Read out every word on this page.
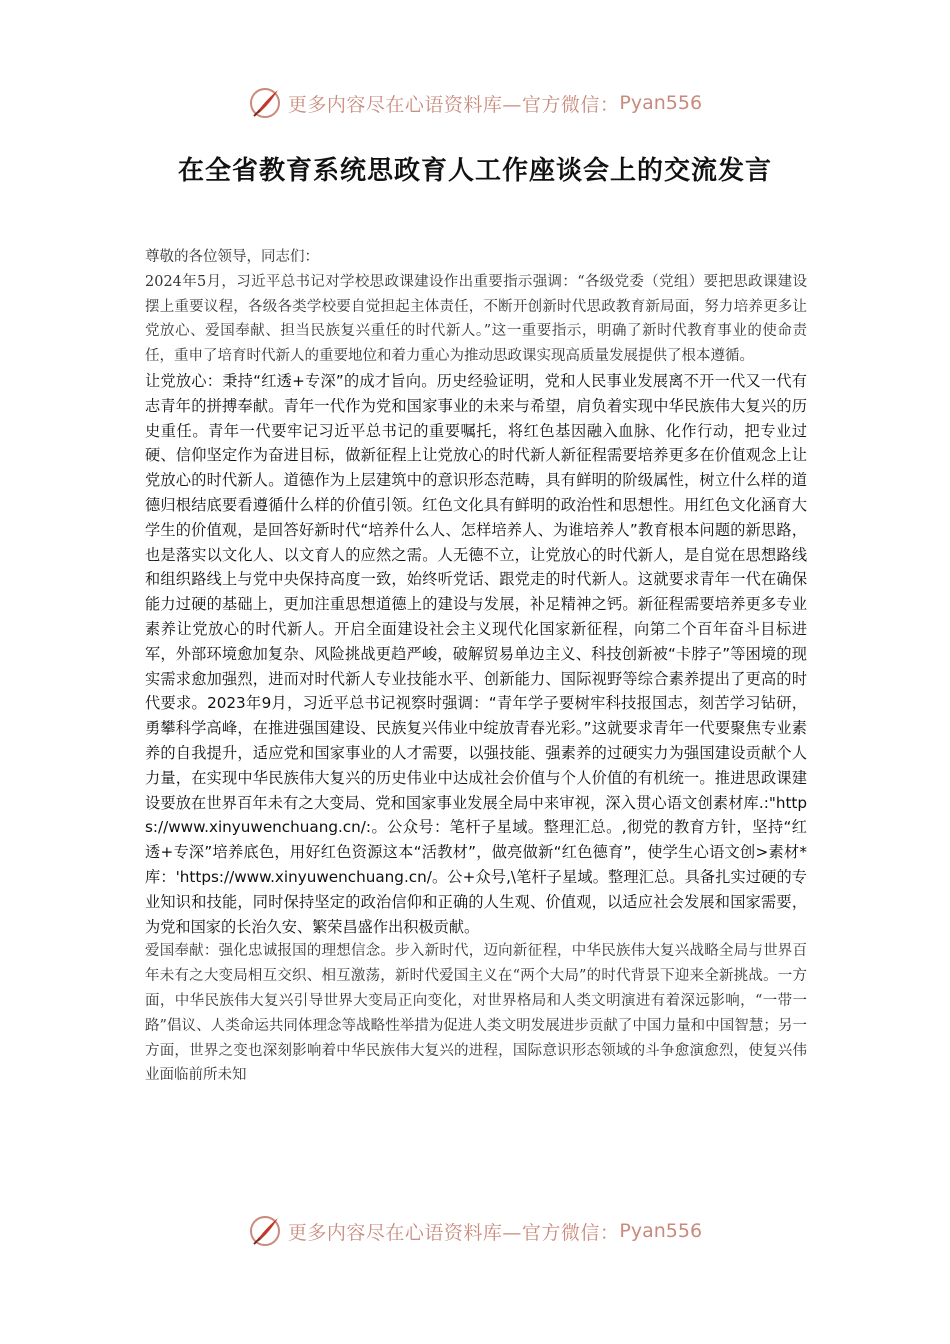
更多内容尽在心语资料库—官方微信： Pyan556
在全省教育系统思政育人工作座谈会上的交流发言

尊敬的各位领导，同志们：

2024年5月，习近平总书记对学校思政课建设作出重要指示强调：“各级党委（党组）要把思政课建设摆上重要议程，各级各类学校要自觉担起主体责任，不断开创新时代思政教育新局面，努力培养更多让党放心、爱国奉献、担当民族复兴重任的时代新人。”这一重要指示，明确了新时代教育事业的使命责任，重申了培育时代新人的重要地位和着力重心为推动思政课实现高质量发展提供了根本遵循。

让党放心：秉持“红透+专深”的成才旨向。历史经验证明，党和人民事业发展离不开一代又一代有志青年的拼搏奉献。青年一代作为党和国家事业的未来与希望，肩负着实现中华民族伟大复兴的历史重任。青年一代要牢记习近平总书记的重要嘱托，将红色基因融入血脉、化作行动，把专业过硬、信仰坚定作为奋进目标，做新征程上让党放心的时代新人新征程需要培养更多在价值观念上让党放心的时代新人。道德作为上层建筑中的意识形态范畴，具有鲜明的阶级属性，树立什么样的道德归根结底要看遵循什么样的价值引领。红色文化具有鲜明的政治性和思想性。用红色文化涵育大学生的价值观，是回答好新时代“培养什么人、怎样培养人、为谁培养人”教育根本问题的新思路，也是落实以文化人、以文育人的应然之需。人无德不立，让党放心的时代新人，是自觉在思想路线和组织路线上与党中央保持高度一致，始终听党话、跟党走的时代新人。这就要求青年一代在确保能力过硬的基础上，更加注重思想道德上的建设与发展，补足精神之钙。新征程需要培养更多专业素养让党放心的时代新人。开启全面建设社会主义现代化国家新征程，向第二个百年奋斗目标进军，外部环境愈加复杂、风险挑战更趋严峻，破解贸易单边主义、科技创新被“卡脖子”等困境的现实需求愈加强烈，进而对时代新人专业技能水平、创新能力、国际视野等综合素养提出了更高的时代要求。2023年9月，习近平总书记视察时强调：“青年学子要树牢科技报国志，刻苦学习钻研，勇攀科学高峰，在推进强国建设、民族复兴伟业中绽放青春光彩。”这就要求青年一代要聚焦专业素养的自我提升，适应党和国家事业的人才需要，以强技能、强素养的过硬实力为强国建设贡献个人力量，在实现中华民族伟大复兴的历史伟业中达成社会价值与个人价值的有机统一。推进思政课建设要放在世界百年未有之大变局、党和国家事业发展全局中来审视，深入贯心语文创素材库.:"https://www.xinyuwenchuang.cn/:。公众号：笔杆子星域。整理汇总。,彻党的教育方针，坚持“红透+专深”培养底色，用好红色资源这本“活教材”，做亮做新“红色德育”，使学生心语文创>素材*库：'https://www.xinyuwenchuang.cn/。公+众号,\笔杆子星域。整理汇总。具备扎实过硬的专业知识和技能，同时保持坚定的政治信仰和正确的人生观、价值观，以适应社会发展和国家需要，为党和国家的长治久安、繁荣昌盛作出积极贡献。

爱国奉献：强化忠诚报国的理想信念。步入新时代，迈向新征程，中华民族伟大复兴战略全局与世界百年未有之大变局相互交织、相互激荡，新时代爱国主义在“两个大局”的时代背景下迎来全新挑战。一方面，中华民族伟大复兴引导世界大变局正向变化，对世界格局和人类文明演进有着深远影响，“一带一路”倡议、人类命运共同体理念等战略性举措为促进人类文明发展进步贡献了中国力量和中国智慧；另一方面，世界之变也深刻影响着中华民族伟大复兴的进程，国际意识形态领域的斗争愈演愈烈，使复兴伟业面临前所未知

更多内容尽在心语资料库—官方微信： Pyan556
